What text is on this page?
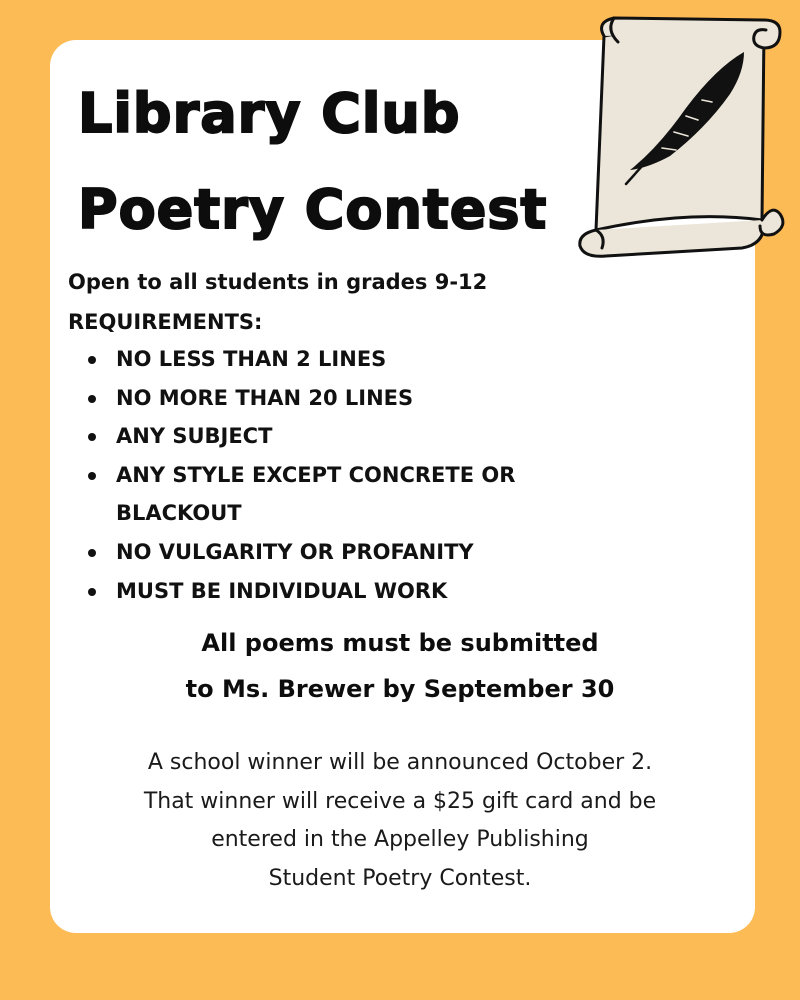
Library Club
Poetry Contest
Open to all students in grades 9-12
REQUIREMENTS:
NO LESS THAN 2 LINES
NO MORE THAN 20 LINES
ANY SUBJECT
ANY STYLE EXCEPT CONCRETE OR BLACKOUT
NO VULGARITY OR PROFANITY
MUST BE INDIVIDUAL WORK
All poems must be submitted
to Ms. Brewer by September 30
A school winner will be announced October 2.
That winner will receive a $25 gift card and be
entered in the Appelley Publishing
Student Poetry Contest.
